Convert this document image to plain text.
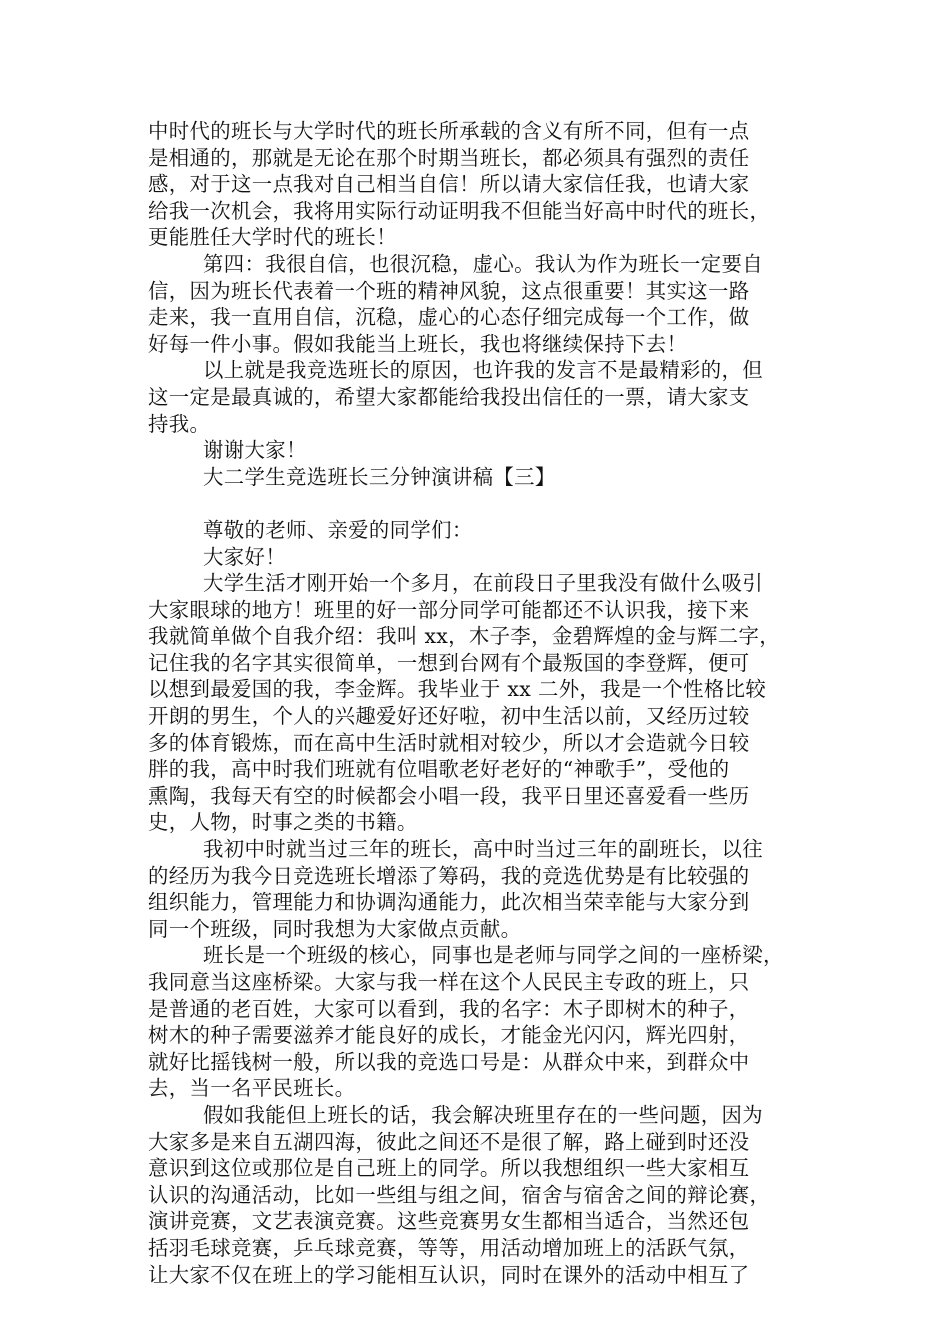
中时代的班长与大学时代的班长所承载的含义有所不同，但有一点
是相通的，那就是无论在那个时期当班长，都必须具有强烈的责任
感，对于这一点我对自己相当自信！所以请大家信任我，也请大家
给我一次机会，我将用实际行动证明我不但能当好高中时代的班长，
更能胜任大学时代的班长！
第四：我很自信，也很沉稳，虚心。我认为作为班长一定要自
信，因为班长代表着一个班的精神风貌，这点很重要！其实这一路
走来，我一直用自信，沉稳，虚心的心态仔细完成每一个工作，做
好每一件小事。假如我能当上班长，我也将继续保持下去！
以上就是我竞选班长的原因，也许我的发言不是最精彩的，但
这一定是最真诚的，希望大家都能给我投出信任的一票，请大家支
持我。
谢谢大家！
大二学生竞选班长三分钟演讲稿【三】
尊敬的老师、亲爱的同学们：
大家好！
大学生活才刚开始一个多月，在前段日子里我没有做什么吸引
大家眼球的地方！班里的好一部分同学可能都还不认识我，接下来
我就简单做个自我介绍：我叫 xx，木子李，金碧辉煌的金与辉二字，
记住我的名字其实很简单，一想到台网有个最叛国的李登辉，便可
以想到最爱国的我，李金辉。我毕业于 xx 二外，我是一个性格比较
开朗的男生，个人的兴趣爱好还好啦，初中生活以前，又经历过较
多的体育锻炼，而在高中生活时就相对较少，所以才会造就今日较
胖的我，高中时我们班就有位唱歌老好老好的“神歌手”，受他的
熏陶，我每天有空的时候都会小唱一段，我平日里还喜爱看一些历
史，人物，时事之类的书籍。
我初中时就当过三年的班长，高中时当过三年的副班长，以往
的经历为我今日竞选班长增添了筹码，我的竞选优势是有比较强的
组织能力，管理能力和协调沟通能力，此次相当荣幸能与大家分到
同一个班级，同时我想为大家做点贡献。
班长是一个班级的核心，同事也是老师与同学之间的一座桥梁，
我同意当这座桥梁。大家与我一样在这个人民民主专政的班上，只
是普通的老百姓，大家可以看到，我的名字：木子即树木的种子，
树木的种子需要滋养才能良好的成长，才能金光闪闪，辉光四射，
就好比摇钱树一般，所以我的竞选口号是：从群众中来，到群众中
去，当一名平民班长。
假如我能但上班长的话，我会解决班里存在的一些问题，因为
大家多是来自五湖四海，彼此之间还不是很了解，路上碰到时还没
意识到这位或那位是自己班上的同学。所以我想组织一些大家相互
认识的沟通活动，比如一些组与组之间，宿舍与宿舍之间的辩论赛，
演讲竞赛，文艺表演竞赛。这些竞赛男女生都相当适合，当然还包
括羽毛球竞赛，乒乓球竞赛，等等，用活动增加班上的活跃气氛，
让大家不仅在班上的学习能相互认识，同时在课外的活动中相互了
